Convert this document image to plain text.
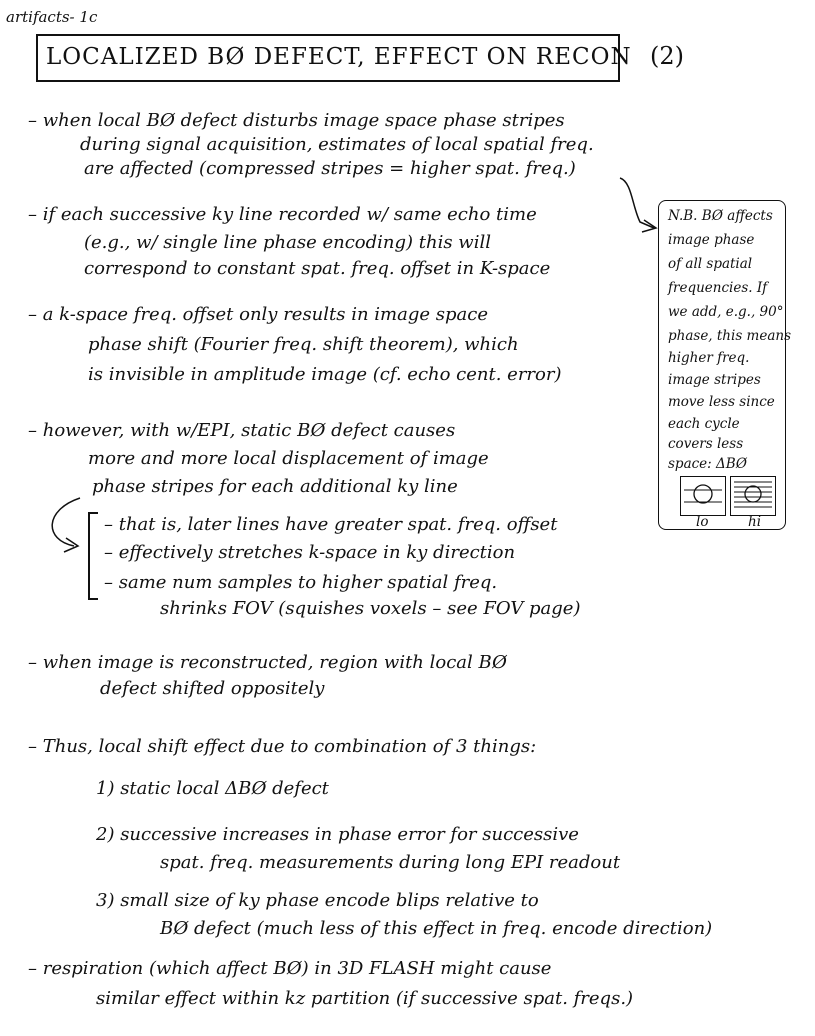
artifacts- 1c
LOCALIZED BØ DEFECT, EFFECT ON RECON (2)
– when local BØ defect disturbs image space phase stripes
during signal acquisition, estimates of local spatial freq.
are affected (compressed stripes = higher spat. freq.)
– if each successive ky line recorded w/ same echo time
(e.g., w/ single line phase encoding) this will
correspond to constant spat. freq. offset in K-space
– a k-space freq. offset only results in image space
phase shift (Fourier freq. shift theorem), which
is invisible in amplitude image (cf. echo cent. error)
– however, with w/EPI, static BØ defect causes
more and more local displacement of image
phase stripes for each additional ky line
– that is, later lines have greater spat. freq. offset
– effectively stretches k-space in ky direction
– same num samples to higher spatial freq.
shrinks FOV (squishes voxels – see FOV page)
– when image is reconstructed, region with local BØ
defect shifted oppositely
– Thus, local shift effect due to combination of 3 things:
1) static local ΔBØ defect
2) successive increases in phase error for successive
spat. freq. measurements during long EPI readout
3) small size of ky phase encode blips relative to
BØ defect (much less of this effect in freq. encode direction)
– respiration (which affect BØ) in 3D FLASH might cause
similar effect within kz partition (if successive spat. freqs.)
N.B. BØ affects
image phase
of all spatial
frequencies. If
we add, e.g., 90°
phase, this means
higher freq.
image stripes
move less since
each cycle
covers less
space: ΔBØ
lo	hi
